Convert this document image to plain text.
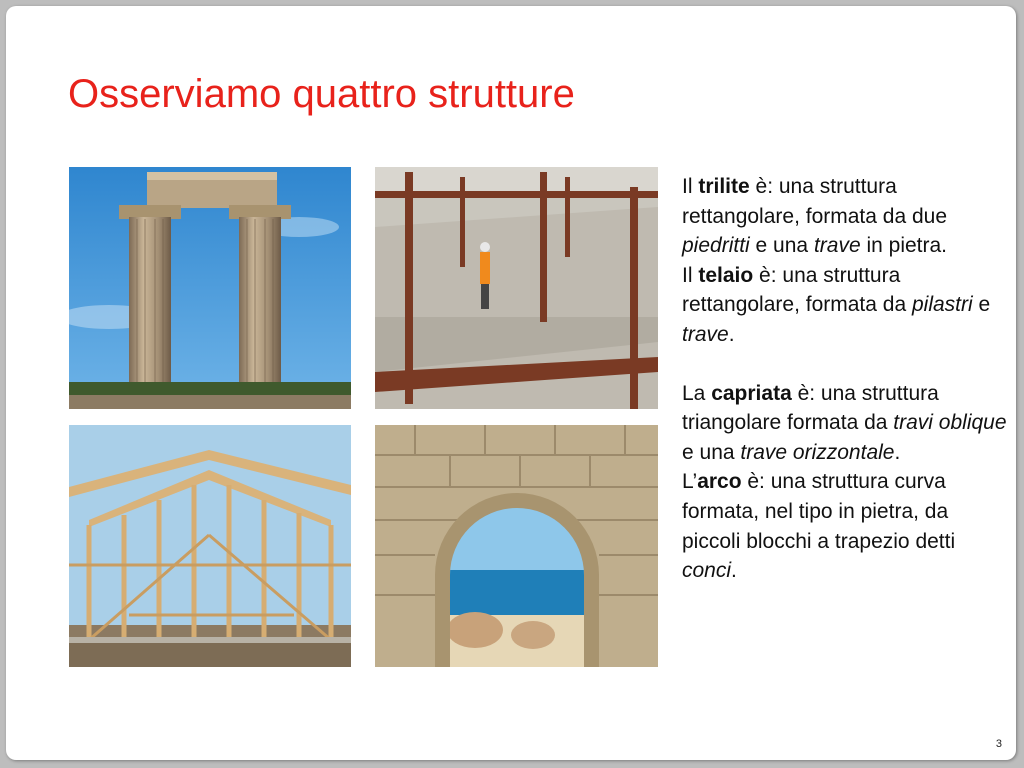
Osserviamo quattro strutture

Il trilite è: una struttura rettangolare, formata da due piedritti e una trave in pietra.

Il telaio è: una struttura rettangolare, formata da pilastri e trave.

La capriata è: una struttura triangolare formata da travi oblique e una trave orizzontale.

L’arco è: una struttura curva formata, nel tipo in pietra, da piccoli blocchi a trapezio detti conci.

3
